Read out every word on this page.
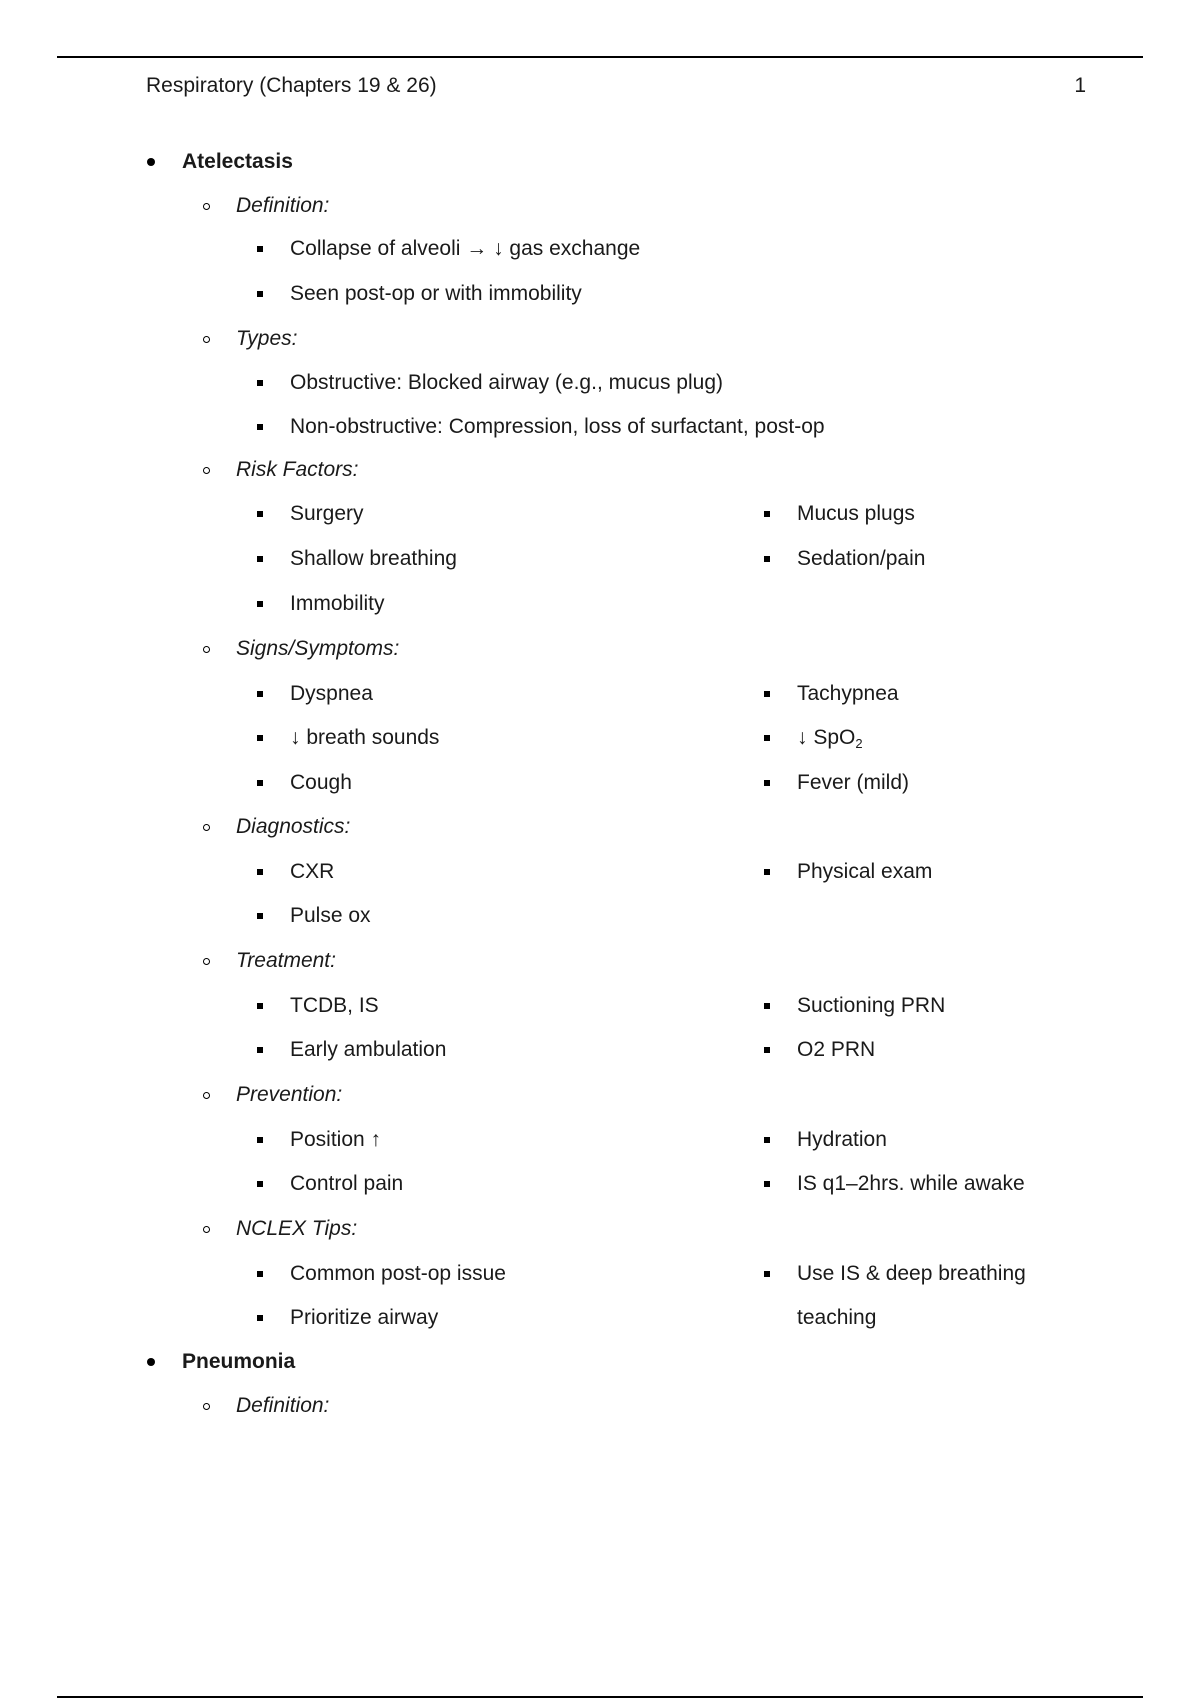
Respiratory (Chapters 19 & 26)	1
Atelectasis
Definition:
Collapse of alveoli → ↓ gas exchange
Seen post-op or with immobility
Types:
Obstructive: Blocked airway (e.g., mucus plug)
Non-obstructive: Compression, loss of surfactant, post-op
Risk Factors:
Surgery
Shallow breathing
Immobility
Mucus plugs
Sedation/pain
Signs/Symptoms:
Dyspnea
↓ breath sounds
Cough
Tachypnea
↓ SpO$_2$
Fever (mild)
Diagnostics:
CXR
Pulse ox
Physical exam
Treatment:
TCDB, IS
Early ambulation
Suctioning PRN
O2 PRN
Prevention:
Position ↑
Control pain
Hydration
IS q1–2hrs. while awake
NCLEX Tips:
Common post-op issue
Prioritize airway
Use IS & deep breathing
teaching
Pneumonia
Definition:
